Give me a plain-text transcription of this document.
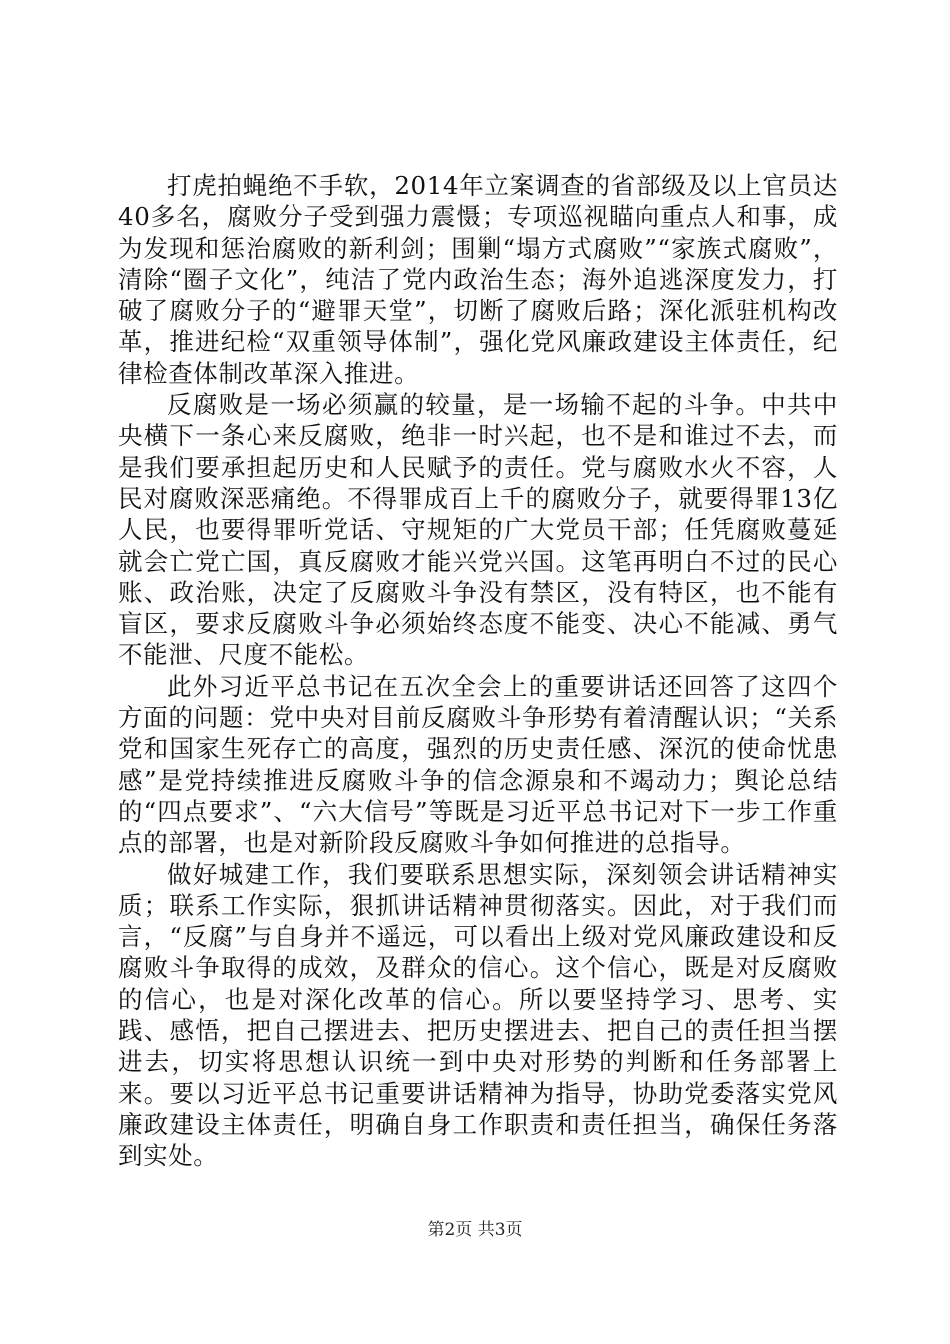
打虎拍蝇绝不手软，2014年立案调查的省部级及以上官员达40多名，腐败分子受到强力震慑；专项巡视瞄向重点人和事，成为发现和惩治腐败的新利剑；围剿“塌方式腐败”“家族式腐败”，清除“圈子文化”，纯洁了党内政治生态；海外追逃深度发力，打破了腐败分子的“避罪天堂”，切断了腐败后路；深化派驻机构改革，推进纪检“双重领导体制”，强化党风廉政建设主体责任，纪律检查体制改革深入推进。

反腐败是一场必须赢的较量，是一场输不起的斗争。中共中央横下一条心来反腐败，绝非一时兴起，也不是和谁过不去，而是我们要承担起历史和人民赋予的责任。党与腐败水火不容，人民对腐败深恶痛绝。不得罪成百上千的腐败分子，就要得罪13亿人民，也要得罪听党话、守规矩的广大党员干部；任凭腐败蔓延就会亡党亡国，真反腐败才能兴党兴国。这笔再明白不过的民心账、政治账，决定了反腐败斗争没有禁区，没有特区，也不能有盲区，要求反腐败斗争必须始终态度不能变、决心不能减、勇气不能泄、尺度不能松。

此外习近平总书记在五次全会上的重要讲话还回答了这四个方面的问题：党中央对目前反腐败斗争形势有着清醒认识；“关系党和国家生死存亡的高度，强烈的历史责任感、深沉的使命忧患感”是党持续推进反腐败斗争的信念源泉和不竭动力；舆论总结的“四点要求”、“六大信号”等既是习近平总书记对下一步工作重点的部署，也是对新阶段反腐败斗争如何推进的总指导。

做好城建工作，我们要联系思想实际，深刻领会讲话精神实质；联系工作实际，狠抓讲话精神贯彻落实。因此，对于我们而言，“反腐”与自身并不遥远，可以看出上级对党风廉政建设和反腐败斗争取得的成效，及群众的信心。这个信心，既是对反腐败的信心，也是对深化改革的信心。所以要坚持学习、思考、实践、感悟，把自己摆进去、把历史摆进去、把自己的责任担当摆进去，切实将思想认识统一到中央对形势的判断和任务部署上来。要以习近平总书记重要讲话精神为指导，协助党委落实党风廉政建设主体责任，明确自身工作职责和责任担当，确保任务落到实处。

第2页 共3页
